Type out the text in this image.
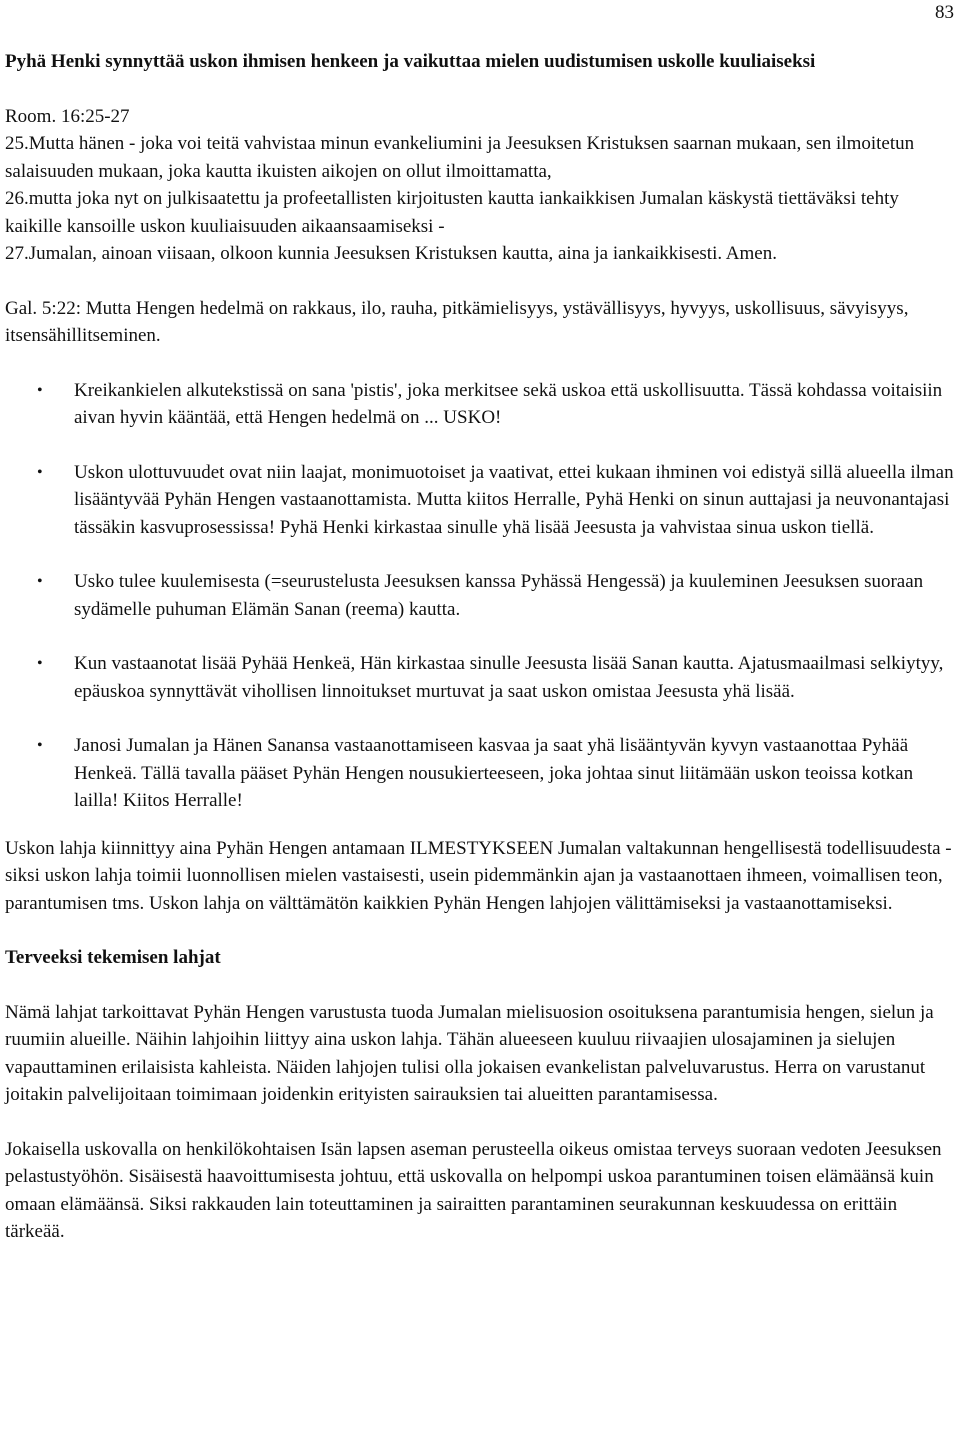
83
Pyhä Henki synnyttää uskon ihmisen henkeen ja vaikuttaa mielen uudistumisen uskolle kuuliaiseksi

Room. 16:25-27

25.Mutta hänen - joka voi teitä vahvistaa minun evankeliumini ja Jeesuksen Kristuksen saarnan mukaan, sen ilmoitetun salaisuuden mukaan, joka kautta ikuisten aikojen on ollut ilmoittamatta,

26.mutta joka nyt on julkisaatettu ja profeetallisten kirjoitusten kautta iankaikkisen Jumalan käskystä tiettäväksi tehty kaikille kansoille uskon kuuliaisuuden aikaansaamiseksi -

27.Jumalan, ainoan viisaan, olkoon kunnia Jeesuksen Kristuksen kautta, aina ja iankaikkisesti. Amen.

Gal. 5:22: Mutta Hengen hedelmä on rakkaus, ilo, rauha, pitkämielisyys, ystävällisyys, hyvyys, uskollisuus, sävyisyys, itsensähillitseminen.

• Kreikankielen alkutekstissä on sana 'pistis', joka merkitsee sekä uskoa että uskollisuutta. Tässä kohdassa voitaisiin aivan hyvin kääntää, että Hengen hedelmä on ... USKO!
• Uskon ulottuvuudet ovat niin laajat, monimuotoiset ja vaativat, ettei kukaan ihminen voi edistyä sillä alueella ilman lisääntyvää Pyhän Hengen vastaanottamista. Mutta kiitos Herralle, Pyhä Henki on sinun auttajasi ja neuvonantajasi tässäkin kasvuprosessissa! Pyhä Henki kirkastaa sinulle yhä lisää Jeesusta ja vahvistaa sinua uskon tiellä.
• Usko tulee kuulemisesta (=seurustelusta Jeesuksen kanssa Pyhässä Hengessä) ja kuuleminen Jeesuksen suoraan sydämelle puhuman Elämän Sanan (reema) kautta.
• Kun vastaanotat lisää Pyhää Henkeä, Hän kirkastaa sinulle Jeesusta lisää Sanan kautta. Ajatusmaailmasi selkiytyy, epäuskoa synnyttävät vihollisen linnoitukset murtuvat ja saat uskon omistaa Jeesusta yhä lisää.
• Janosi Jumalan ja Hänen Sanansa vastaanottamiseen kasvaa ja saat yhä lisääntyvän kyvyn vastaanottaa Pyhää Henkeä. Tällä tavalla pääset Pyhän Hengen nousukierteeseen, joka johtaa sinut liitämään uskon teoissa kotkan lailla! Kiitos Herralle!

Uskon lahja kiinnittyy aina Pyhän Hengen antamaan ILMESTYKSEEN Jumalan valtakunnan hengellisestä todellisuudesta - siksi uskon lahja toimii luonnollisen mielen vastaisesti, usein pidemmänkin ajan ja vastaanottaen ihmeen, voimallisen teon, parantumisen tms. Uskon lahja on välttämätön kaikkien Pyhän Hengen lahjojen välittämiseksi ja vastaanottamiseksi.

Terveeksi tekemisen lahjat

Nämä lahjat tarkoittavat Pyhän Hengen varustusta tuoda Jumalan mielisuosion osoituksena parantumisia hengen, sielun ja ruumiin alueille. Näihin lahjoihin liittyy aina uskon lahja. Tähän alueeseen kuuluu riivaajien ulosajaminen ja sielujen vapauttaminen erilaisista kahleista. Näiden lahjojen tulisi olla jokaisen evankelistan palveluvarustus. Herra on varustanut joitakin palvelijoitaan toimimaan joidenkin erityisten sairauksien tai alueitten parantamisessa.

Jokaisella uskovalla on henkilökohtaisen Isän lapsen aseman perusteella oikeus omistaa terveys suoraan vedoten Jeesuksen pelastustyöhön. Sisäisestä haavoittumisesta johtuu, että uskovalla on helpompi uskoa parantuminen toisen elämäänsä kuin omaan elämäänsä. Siksi rakkauden lain toteuttaminen ja sairaitten parantaminen seurakunnan keskuudessa on erittäin tärkeää.
